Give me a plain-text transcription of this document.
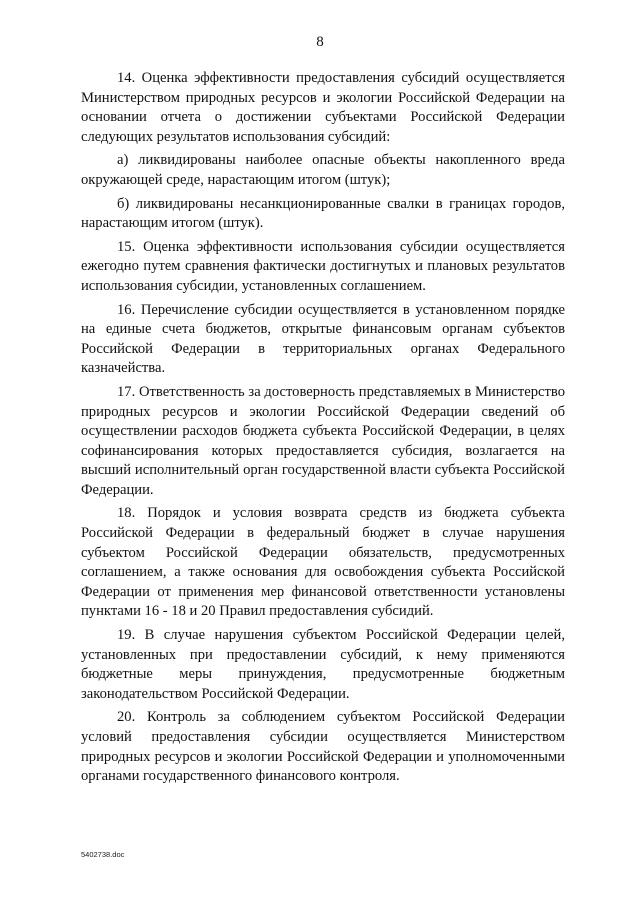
8

14. Оценка эффективности предоставления субсидий осуществляется Министерством природных ресурсов и экологии Российской Федерации на основании отчета о достижении субъектами Российской Федерации следующих результатов использования субсидий:

а) ликвидированы наиболее опасные объекты накопленного вреда окружающей среде, нарастающим итогом (штук);

б) ликвидированы несанкционированные свалки в границах городов, нарастающим итогом (штук).

15. Оценка эффективности использования субсидии осуществляется ежегодно путем сравнения фактически достигнутых и плановых результатов использования субсидии, установленных соглашением.

16. Перечисление субсидии осуществляется в установленном порядке на единые счета бюджетов, открытые финансовым органам субъектов Российской Федерации в территориальных органах Федерального казначейства.

17. Ответственность за достоверность представляемых в Министерство природных ресурсов и экологии Российской Федерации сведений об осуществлении расходов бюджета субъекта Российской Федерации, в целях софинансирования которых предоставляется субсидия, возлагается на высший исполнительный орган государственной власти субъекта Российской Федерации.

18. Порядок и условия возврата средств из бюджета субъекта Российской Федерации в федеральный бюджет в случае нарушения субъектом Российской Федерации обязательств, предусмотренных соглашением, а также основания для освобождения субъекта Российской Федерации от применения мер финансовой ответственности установлены пунктами 16 - 18 и 20 Правил предоставления субсидий.

19. В случае нарушения субъектом Российской Федерации целей, установленных при предоставлении субсидий, к нему применяются бюджетные меры принуждения, предусмотренные бюджетным законодательством Российской Федерации.

20. Контроль за соблюдением субъектом Российской Федерации условий предоставления субсидии осуществляется Министерством природных ресурсов и экологии Российской Федерации и уполномоченными органами государственного финансового контроля.

5402738.doc
